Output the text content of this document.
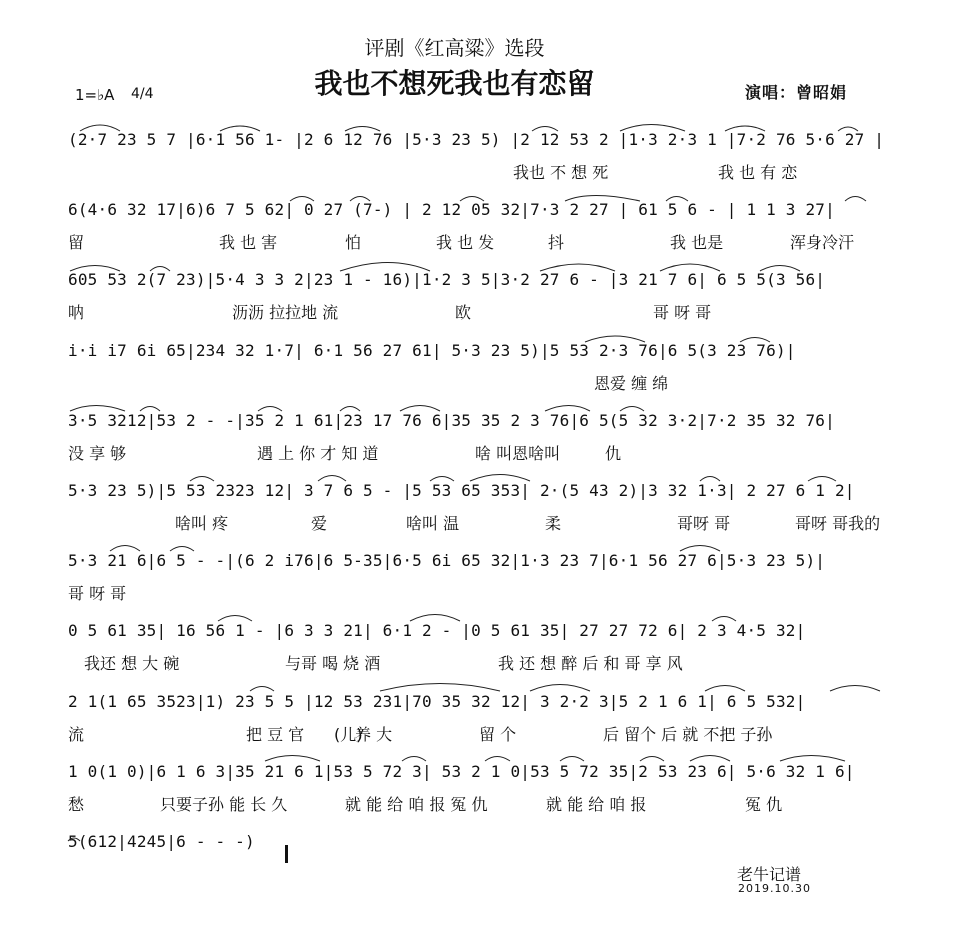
评剧《红高粱》选段
我也不想死我也有恋留
1=♭A 4/4	演唱：曾昭娟
(2·7 23 5 7 |6·1 56 1- |2 6 12 76 |5·3 23 5) |2 12 53 2 |1·3 2·3 1 |7·2 76 5·6 27 |
我也 不 想 死	我 也 有 恋
6(4·6 32 17|6)6 7 5 62| 0 27 (7-) | 2 12 05 32|7·3 2 27 | 61 5 6 - | 1 1 3 27|
留	我 也 害	怕	我 也 发	抖	我 也是	浑身冷汗
605 53 2(7 23)|5·4 3 3 2|23 1 - 16)|1·2 3 5|3·2 27 6 - |3 21 7 6| 6 5 5(3 56|
呐	沥沥 拉拉地 流	欧	哥 呀 哥
i·i i7 6i 65|234 32 1·7| 6·1 56 27 61| 5·3 23 5)|5 53 2·3 76|6 5(3 23 76)|
恩爱 缠 绵
3·5 3212|53 2 - -|35 2 1 61|23 17 76 6|35 35 2 3 76|6 5(5 32 3·2|7·2 35 32 76|
没 享 够	遇 上 你 才 知 道	啥 叫恩啥叫	仇
5·3 23 5)|5 53 2323 12| 3 7 6 5 - |5 53 65 353| 2·(5 43 2)|3 32 1·3| 2 27 6 1 2|
啥叫 疼	爱	啥叫 温	柔	哥呀 哥	哥呀 哥我的
5·3 21 6|6 5 - -|(6 2 i76|6 5-35|6·5 6i 65 32|1·3 23 7|6·1 56 27 6|5·3 23 5)|
哥 呀 哥
0 5 61 35| 16 56 1 - |6 3 3 21| 6·1 2 - |0 5 61 35| 27 27 72 6| 2 3 4·5 32|
我还 想 大 碗	与哥 喝 烧 酒	我 还 想 醉 后 和 哥 享 风
2 1(1 65 3523|1) 23 5 5 |12 53 231|70 35 32 12| 3 2·2 3|5 2 1 6 1| 6 5 532|
流	把 豆 官 (儿)
养 大	留 个	后 留个 后 就 不把 子孙
1 0(1 0)|6 1 6 3|35 21 6 1|53 5 72 3| 53 2 1 0|53 5 72 35|2 53 23 6| 5·6 32 1 6|
愁	只要子孙 能 长 久	就 能 给 咱 报 冤 仇	就 能 给 咱 报	冤 仇
5(612|4245|6 - - -)
老牛记谱
2019.10.30
